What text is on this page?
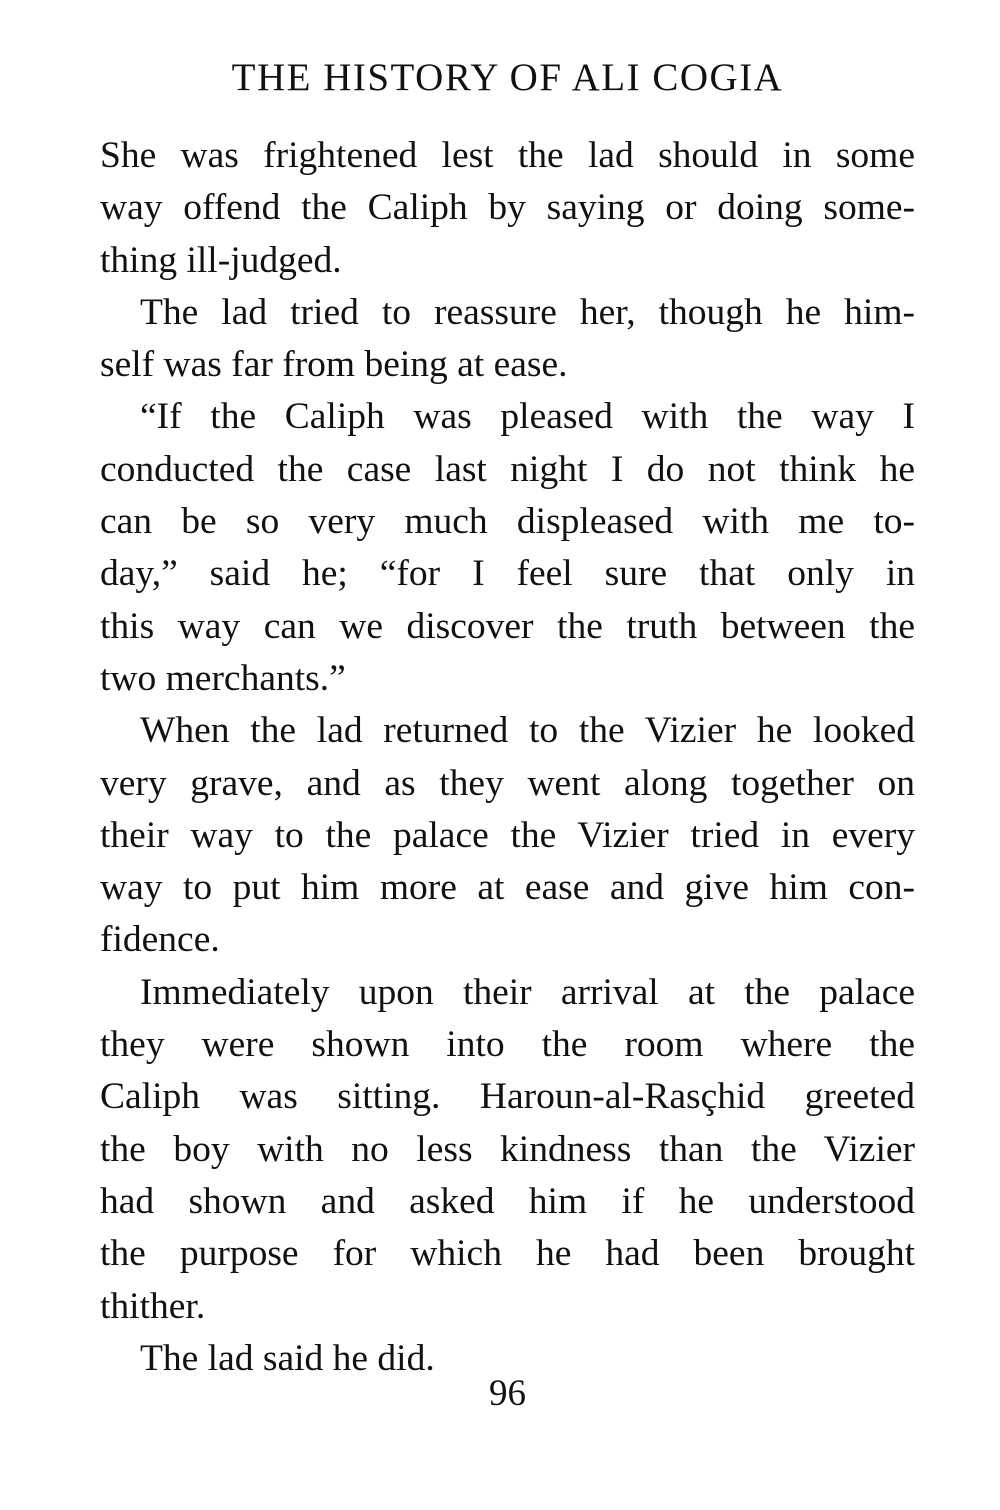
THE HISTORY OF ALI COGIA
She was frightened lest the lad should in some
way offend the Caliph by saying or doing some-
thing ill-judged.
The lad tried to reassure her, though he him-
self was far from being at ease.
“If the Caliph was pleased with the way I
conducted the case last night I do not think he
can be so very much displeased with me to-
day,” said he; “for I feel sure that only in
this way can we discover the truth between the
two merchants.”
When the lad returned to the Vizier he looked
very grave, and as they went along together on
their way to the palace the Vizier tried in every
way to put him more at ease and give him con-
fidence.
Immediately upon their arrival at the palace
they were shown into the room where the
Caliph was sitting. Haroun-al-Rasçhid greeted
the boy with no less kindness than the Vizier
had shown and asked him if he understood
the purpose for which he had been brought
thither.
The lad said he did.
96
